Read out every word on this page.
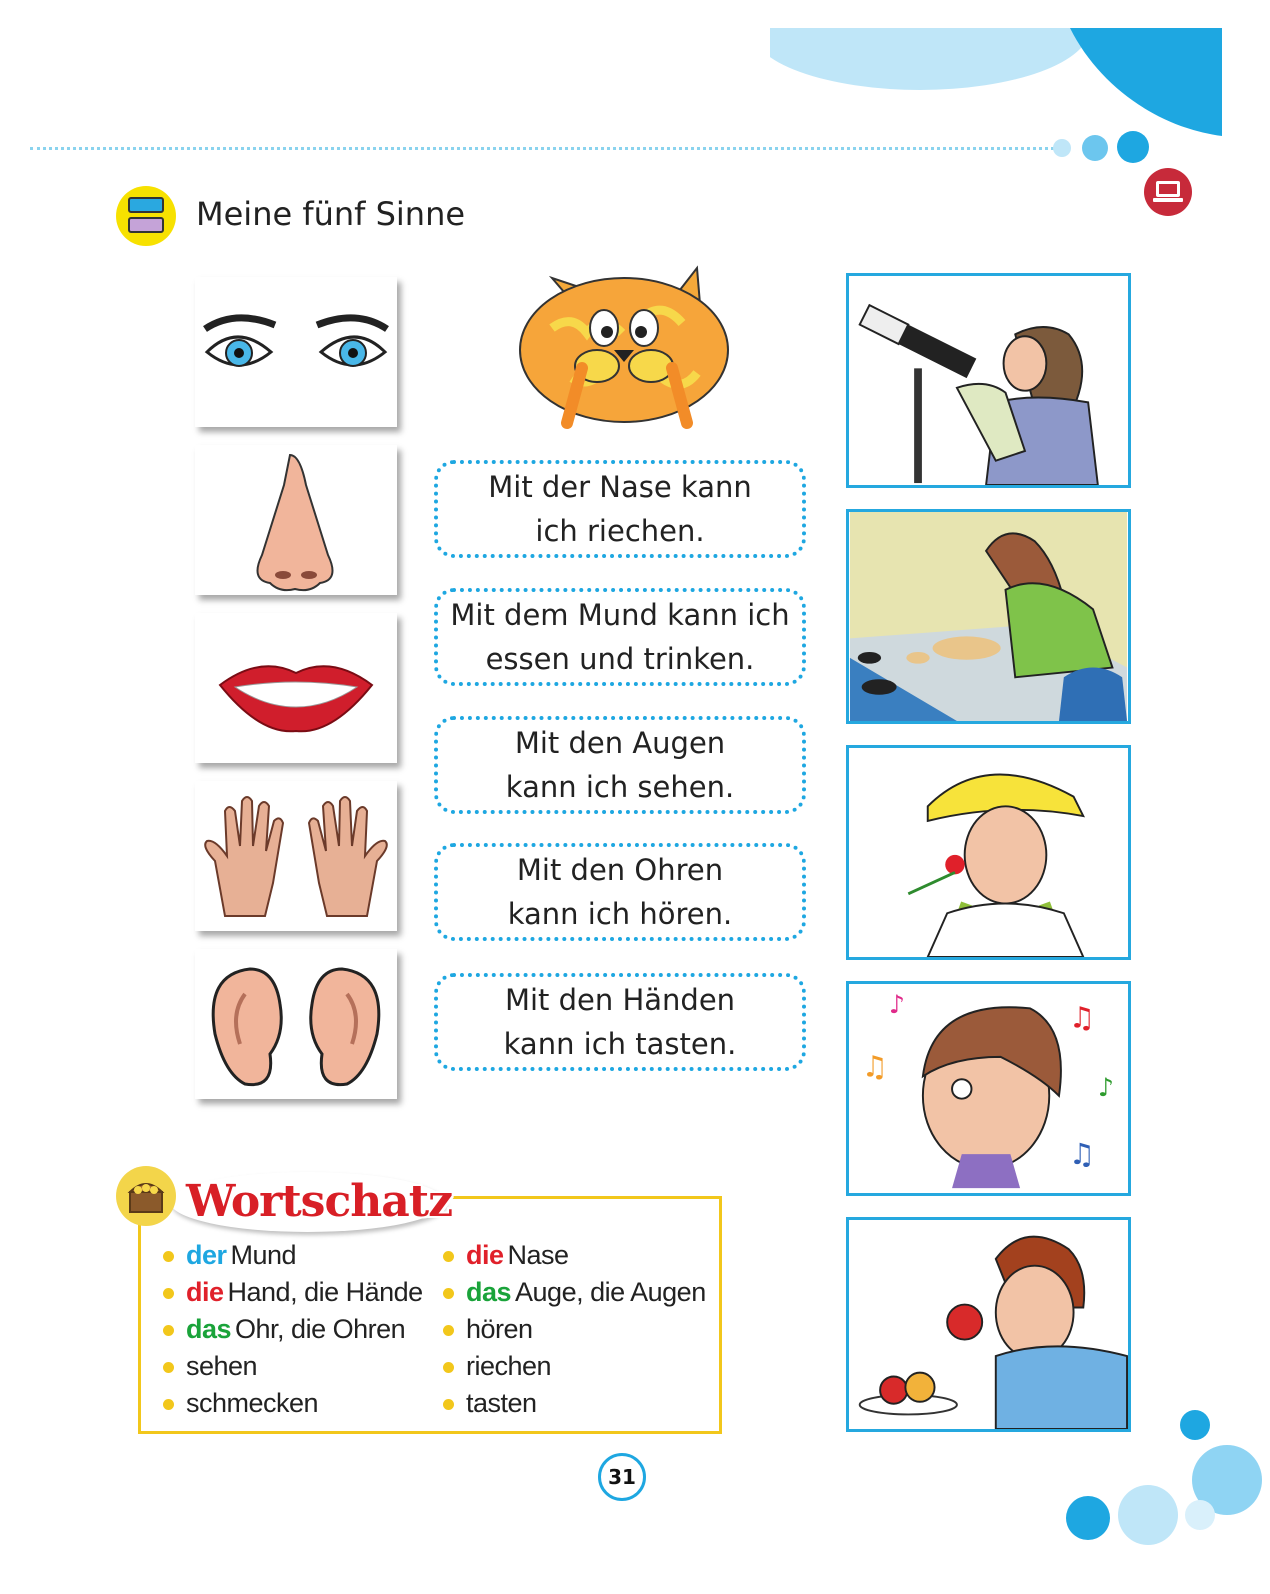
Meine fünf Sinne
Mit der Nase kann ich riechen.
Mit dem Mund kann ich essen und trinken.
Mit den Augen kann ich sehen.
Mit den Ohren kann ich hören.
Mit den Händen kann ich tasten.
♪	♫
♫
♪
♫
Wortschatz
der Mund
die Hand, die Hände
das Ohr, die Ohren
sehen
schmecken
die Nase
das Auge, die Augen
hören
riechen
tasten
31
